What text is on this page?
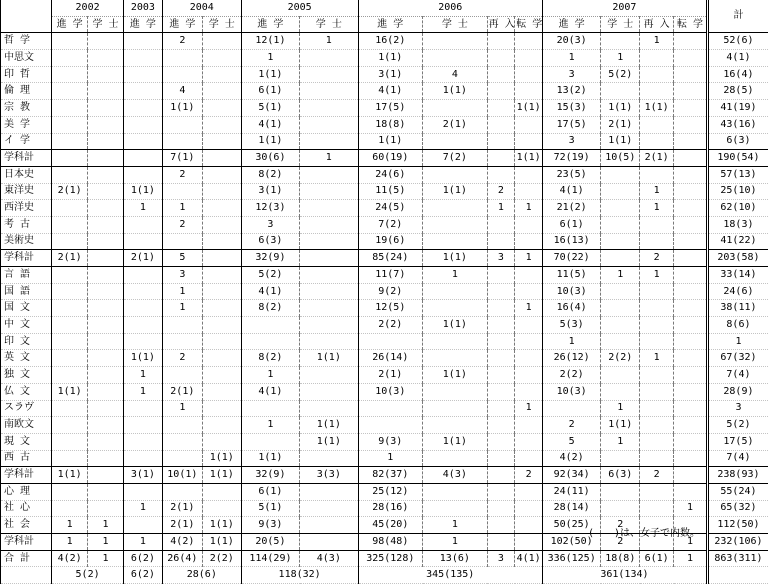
	2002		2003	2004		2005		2006				2007				計
	進 学	学 士	進 学	進 学	学 士	進 学	学 士	進 学	学 士	再 入	転 学	進 学	学 士	再 入	転 学	
哲 学				2		12(1)	1	16(2)				20(3)		1		52(6)
中思文						1		1(1)				1	1			4(1)
印 哲						1(1)		3(1)	4			3	5(2)			16(4)
倫 理				4		6(1)		4(1)	1(1)			13(2)				28(5)
宗 教				1(1)		5(1)		17(5)			1(1)	15(3)	1(1)	1(1)		41(19)
美 学						4(1)		18(8)	2(1)			17(5)	2(1)			43(16)
イ 学						1(1)		1(1)				3	1(1)			6(3)
学科計				7(1)		30(6)	1	60(19)	7(2)		1(1)	72(19)	10(5)	2(1)		190(54)
日本史				2		8(2)		24(6)				23(5)				57(13)
東洋史	2(1)		1(1)			3(1)		11(5)	1(1)	2		4(1)		1		25(10)
西洋史			1	1		12(3)		24(5)		1	1	21(2)		1		62(10)
考 古				2		3		7(2)				6(1)				18(3)
美術史						6(3)		19(6)				16(13)				41(22)
学科計	2(1)		2(1)	5		32(9)		85(24)	1(1)	3	1	70(22)		2		203(58)
言 語				3		5(2)		11(7)	1			11(5)	1	1		33(14)
国 語				1		4(1)		9(2)				10(3)				24(6)
国 文				1		8(2)		12(5)			1	16(4)				38(11)
中 文								2(2)	1(1)			5(3)				8(6)
印 文												1				1
英 文			1(1)	2		8(2)	1(1)	26(14)				26(12)	2(2)	1		67(32)
独 文			1			1		2(1)	1(1)			2(2)				7(4)
仏 文	1(1)		1	2(1)		4(1)		10(3)				10(3)				28(9)
スラヴ				1							1		1			3
南欧文						1	1(1)					2	1(1)			5(2)
現 文							1(1)	9(3)	1(1)			5	1			17(5)
西 古					1(1)	1(1)		1				4(2)				7(4)
学科計	1(1)		3(1)	10(1)	1(1)	32(9)	3(3)	82(37)	4(3)		2	92(34)	6(3)	2		238(93)
心 理						6(1)		25(12)				24(11)				55(24)
社 心			1	2(1)		5(1)		28(16)				28(14)			1	65(32)
社 会	1	1		2(1)	1(1)	9(3)		45(20)	1			50(25)	2			112(50)
学科計	1	1	1	4(2)	1(1)	20(5)		98(48)	1			102(50)	2		1	232(106)
合 計	4(2)	1	6(2)	26(4)	2(2)	114(29)	4(3)	325(128)	13(6)	3	4(1)	336(125)	18(8)	6(1)	1	863(311)
	5(2)		6(2)	28(6)		118(32)		345(135)				361(134)				
(　　)は、女子で内数。
